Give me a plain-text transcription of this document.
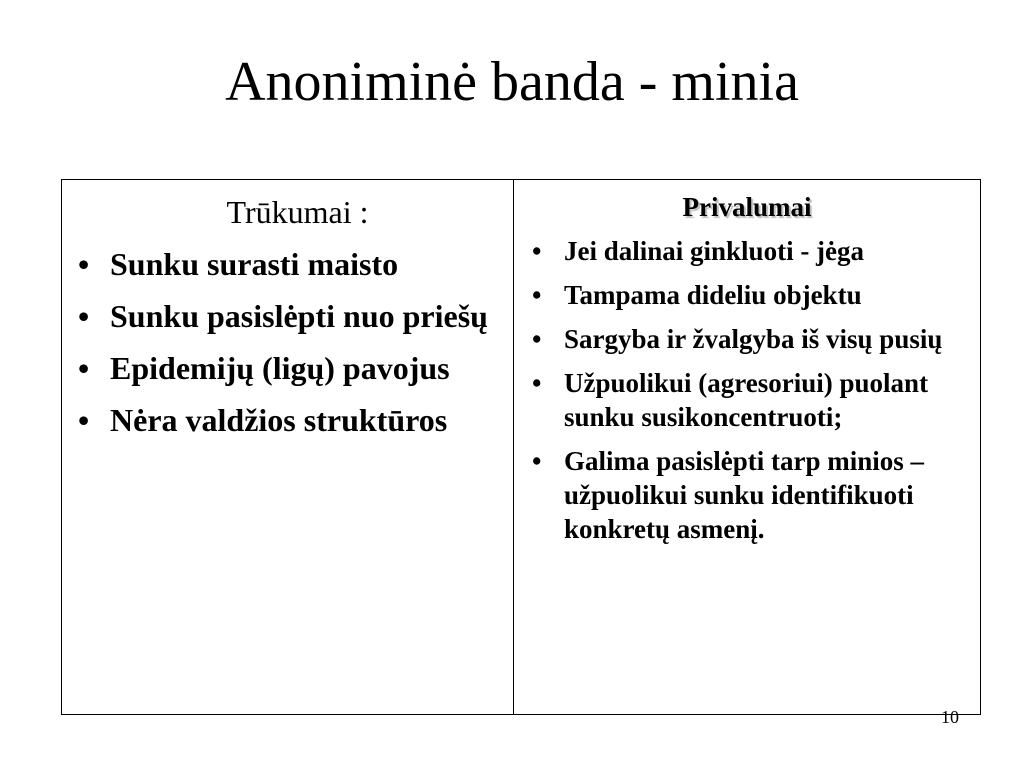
Anoniminė banda - minia

Trūkumai :

• Sunku surasti maisto
• Sunku pasislėpti nuo priešų
• Epidemijų (ligų) pavojus
• Nėra valdžios struktūros

Privalumai

• Jei dalinai ginkluoti - jėga
• Tampama dideliu objektu
• Sargyba ir žvalgyba iš visų pusių
• Užpuolikui (agresoriui) puolant sunku susikoncentruoti;
• Galima pasislėpti tarp minios – užpuolikui sunku identifikuoti konkretų asmenį.
10
